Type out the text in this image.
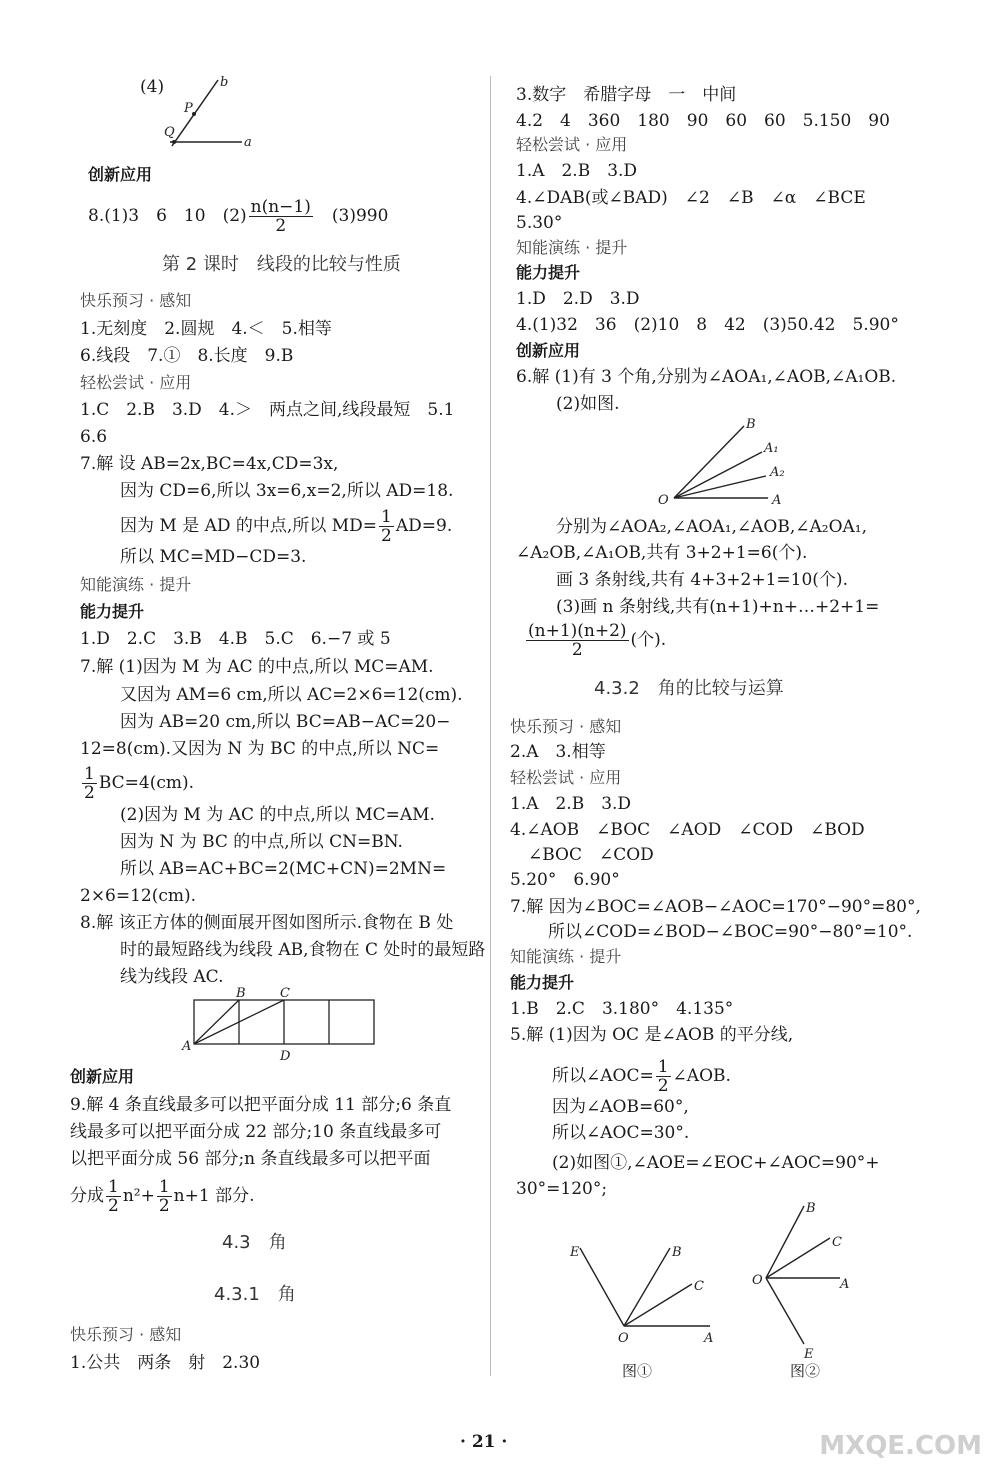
(4)	b
P
Q
a
创新应用
8.(1)3　6　10　$(2) \frac{n(n-1)}{2}$ 　(3)990
第 2 课时　线段的比较与性质
快乐预习 · 感知
1.无刻度　2.圆规　4.＜　5.相等
6.线段　7.①　8.长度　9.B
轻松尝试 · 应用
1.C　2.B　3.D　4.＞　两点之间,线段最短　5.1
6.6
7.解 设 AB=2x,BC=4x,CD=3x,
因为 CD=6,所以 3x=6,x=2,所以 AD=18.
因为 M 是 AD 的中点,所以 $MD= \frac{1}{2} AD=9$.
所以 MC=MD−CD=3.
知能演练 · 提升
能力提升
1.D　2.C　3.B　4.B　5.C　6.−7 或 5
7.解 (1)因为 M 为 AC 的中点,所以 MC=AM.
又因为 AM=6 cm,所以 AC=2×6=12(cm).
因为 AB=20 cm,所以 BC=AB−AC=20−
12=8(cm).又因为 N 为 BC 的中点,所以 NC=
$\frac{1}{2} BC=4(cm)$.
(2)因为 M 为 AC 的中点,所以 MC=AM.
因为 N 为 BC 的中点,所以 CN=BN.
所以 AB=AC+BC=2(MC+CN)=2MN=
2×6=12(cm).
8.解 该正方体的侧面展开图如图所示.食物在 B 处
时的最短路线为线段 AB,食物在 C 处时的最短路
线为线段 AC.
B	C
A
D
创新应用
9.解 4 条直线最多可以把平面分成 11 部分;6 条直
线最多可以把平面分成 22 部分;10 条直线最多可
以把平面分成 56 部分;n 条直线最多可以把平面
分成 $\frac{1}{2} n^2+ \frac{1}{2} n+1$ 部分.
4.3　角
4.3.1　角
快乐预习 · 感知
1.公共　两条　射　2.30
3.数字　希腊字母　一　中间
4.2　4　360　180　90　60　60　5.150　90
轻松尝试 · 应用
1.A　2.B　3.D
4.∠DAB(或∠BAD)　∠2　∠B　∠α　∠BCE
5.30°
知能演练 · 提升
能力提升
1.D　2.D　3.D
4.(1)32　36　(2)10　8　42　(3)50.42　5.90°
创新应用
6.解 (1)有 3 个角,分别为∠AOA₁,∠AOB,∠A₁OB.
(2)如图.
B
A₁
A₂
A
O
分别为∠AOA₂,∠AOA₁,∠AOB,∠A₂OA₁,
∠A₂OB,∠A₁OB,共有 3+2+1=6(个).
画 3 条射线,共有 4+3+2+1=10(个).
(3)画 n 条射线,共有(n+1)+n+…+2+1=
$\frac{(n+1)(n+2)}{2}$ (个).
4.3.2　角的比较与运算
快乐预习 · 感知
2.A　3.相等
轻松尝试 · 应用
1.A　2.B　3.D
4.∠AOB　∠BOC　∠AOD　∠COD　∠BOD
∠BOC　∠COD
5.20°　6.90°
7.解 因为∠BOC=∠AOB−∠AOC=170°−90°=80°,
所以∠COD=∠BOD−∠BOC=90°−80°=10°.
知能演练 · 提升
能力提升
1.B　2.C　3.180°　4.135°
5.解 (1)因为 OC 是∠AOB 的平分线,
所以∠AOC= $\frac{1}{2}$ ∠AOB.
因为∠AOB=60°,
所以∠AOC=30°.
(2)如图①,∠AOE=∠EOC+∠AOC=90°+
30°=120°;
E	B
C
O	A
B
C
O	A
E
图①	图②
· 21 ·	MXQE.COM
